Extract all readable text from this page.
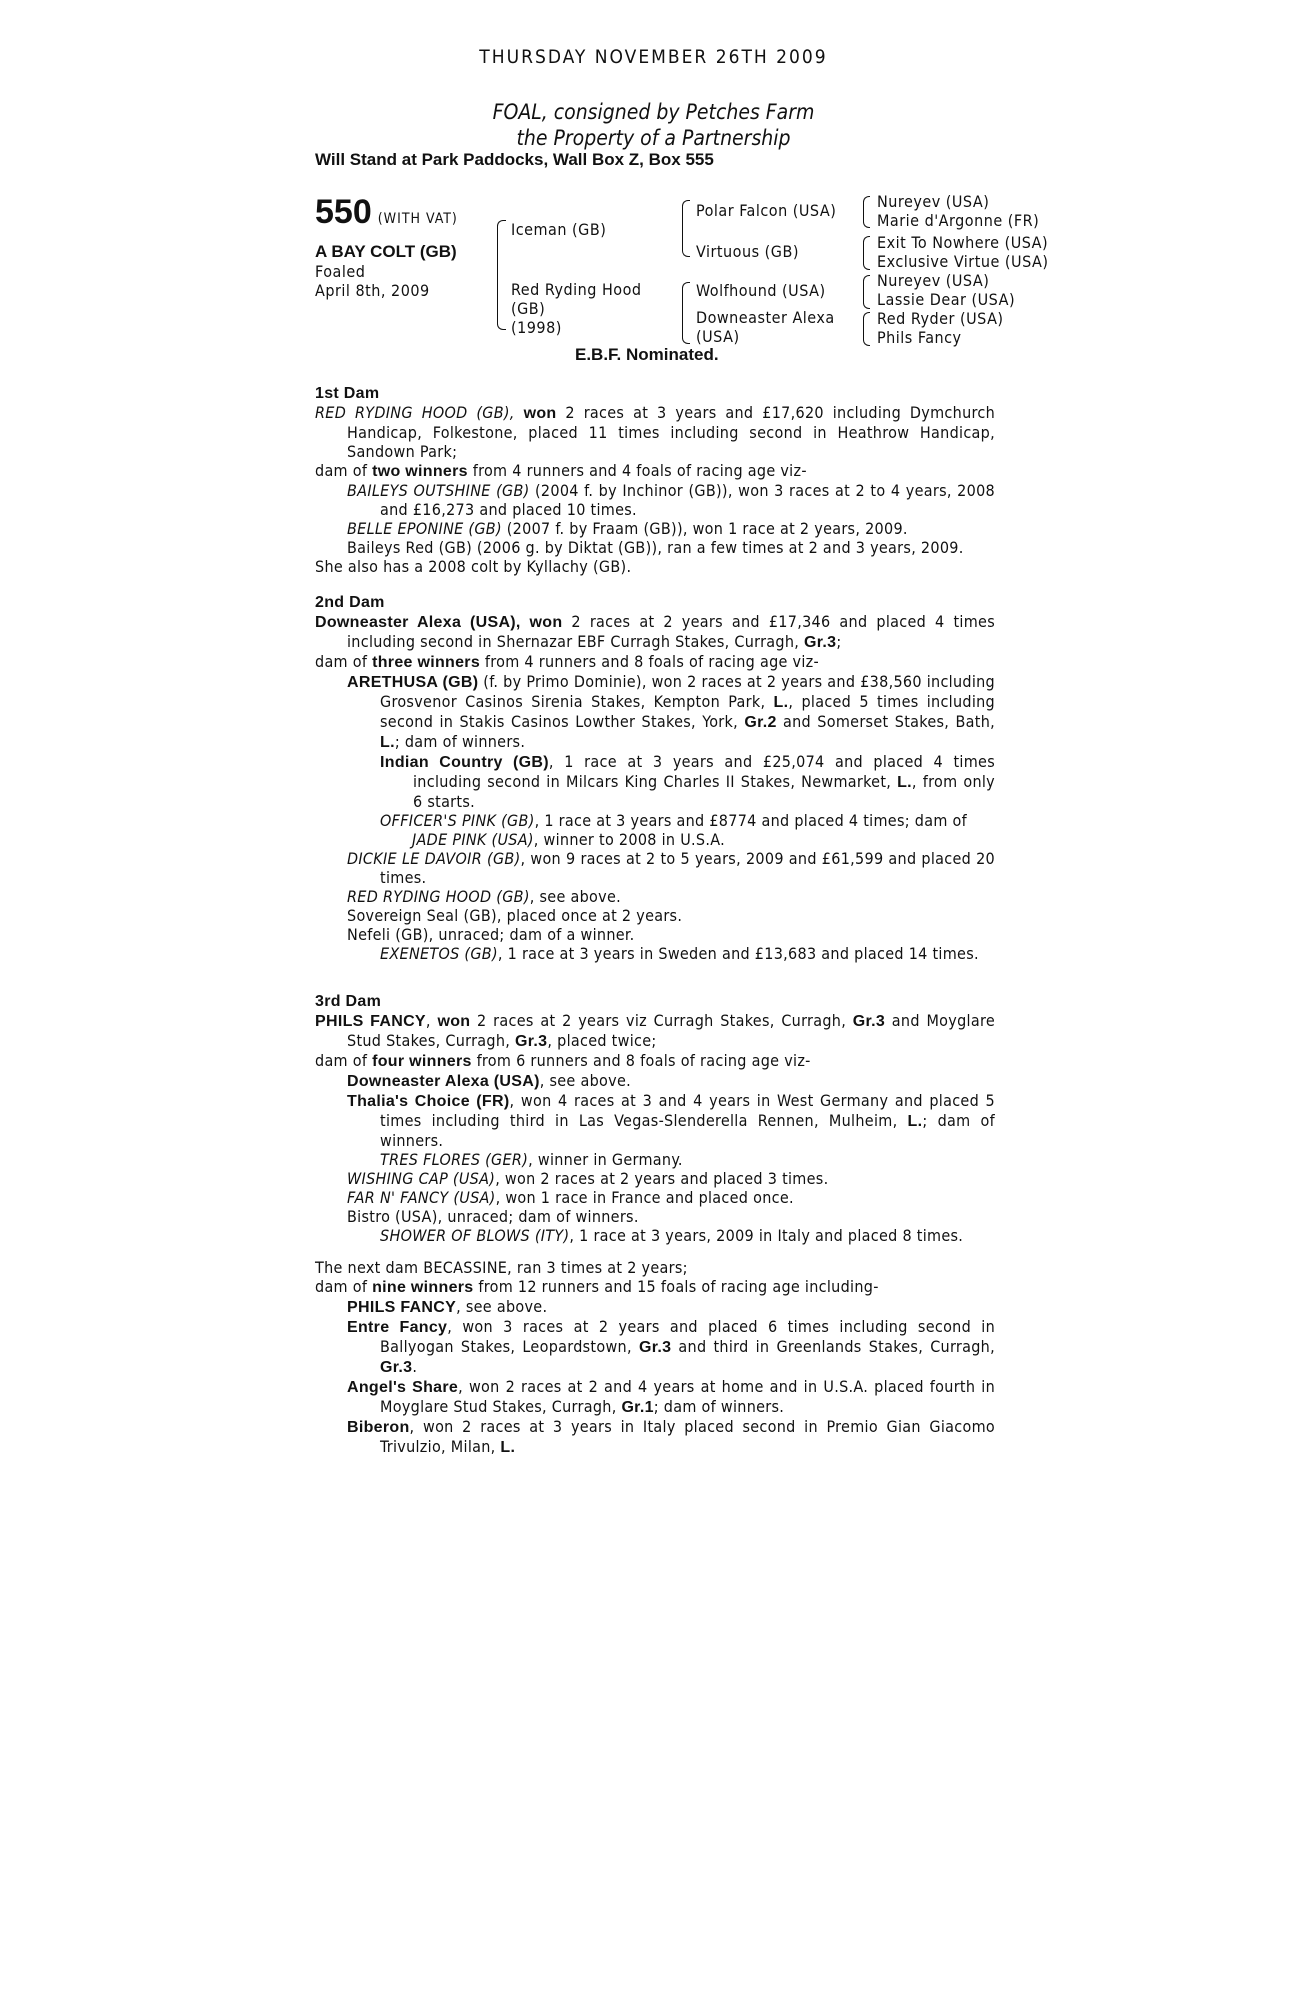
THURSDAY NOVEMBER 26TH 2009
FOAL, consigned by Petches Farm
the Property of a Partnership
Will Stand at Park Paddocks, Wall Box Z, Box 555
550 (WITH VAT)
A BAY COLT (GB)
Foaled
April 8th, 2009
Iceman (GB)
Red Ryding Hood
(GB)
(1998)
Polar Falcon (USA)
Virtuous (GB)
Wolfhound (USA)
Downeaster Alexa
(USA)
Nureyev (USA)
Marie d'Argonne (FR)
Exit To Nowhere (USA)
Exclusive Virtue (USA)
Nureyev (USA)
Lassie Dear (USA)
Red Ryder (USA)
Phils Fancy
E.B.F. Nominated.

1st Dam

RED RYDING HOOD (GB), won 2 races at 3 years and £17,620 including Dymchurch Handicap, Folkestone, placed 11 times including second in Heathrow Handicap, Sandown Park;

dam of two winners from 4 runners and 4 foals of racing age viz-

BAILEYS OUTSHINE (GB) (2004 f. by Inchinor (GB)), won 3 races at 2 to 4 years, 2008 and £16,273 and placed 10 times.

BELLE EPONINE (GB) (2007 f. by Fraam (GB)), won 1 race at 2 years, 2009.

Baileys Red (GB) (2006 g. by Diktat (GB)), ran a few times at 2 and 3 years, 2009.

She also has a 2008 colt by Kyllachy (GB).

2nd Dam

Downeaster Alexa (USA), won 2 races at 2 years and £17,346 and placed 4 times including second in Shernazar EBF Curragh Stakes, Curragh, Gr.3;

dam of three winners from 4 runners and 8 foals of racing age viz-

ARETHUSA (GB) (f. by Primo Dominie), won 2 races at 2 years and £38,560 including Grosvenor Casinos Sirenia Stakes, Kempton Park, L., placed 5 times including second in Stakis Casinos Lowther Stakes, York, Gr.2 and Somerset Stakes, Bath, L.; dam of winners.

Indian Country (GB), 1 race at 3 years and £25,074 and placed 4 times including second in Milcars King Charles II Stakes, Newmarket, L., from only 6 starts.

OFFICER'S PINK (GB), 1 race at 3 years and £8774 and placed 4 times; dam of

JADE PINK (USA), winner to 2008 in U.S.A.

DICKIE LE DAVOIR (GB), won 9 races at 2 to 5 years, 2009 and £61,599 and placed 20 times.

RED RYDING HOOD (GB), see above.

Sovereign Seal (GB), placed once at 2 years.

Nefeli (GB), unraced; dam of a winner.

EXENETOS (GB), 1 race at 3 years in Sweden and £13,683 and placed 14 times.

3rd Dam

PHILS FANCY, won 2 races at 2 years viz Curragh Stakes, Curragh, Gr.3 and Moyglare Stud Stakes, Curragh, Gr.3, placed twice;

dam of four winners from 6 runners and 8 foals of racing age viz-

Downeaster Alexa (USA), see above.

Thalia's Choice (FR), won 4 races at 3 and 4 years in West Germany and placed 5 times including third in Las Vegas-Slenderella Rennen, Mulheim, L.; dam of winners.

TRES FLORES (GER), winner in Germany.

WISHING CAP (USA), won 2 races at 2 years and placed 3 times.

FAR N' FANCY (USA), won 1 race in France and placed once.

Bistro (USA), unraced; dam of winners.

SHOWER OF BLOWS (ITY), 1 race at 3 years, 2009 in Italy and placed 8 times.

The next dam BECASSINE, ran 3 times at 2 years;

dam of nine winners from 12 runners and 15 foals of racing age including-

PHILS FANCY, see above.

Entre Fancy, won 3 races at 2 years and placed 6 times including second in Ballyogan Stakes, Leopardstown, Gr.3 and third in Greenlands Stakes, Curragh, Gr.3.

Angel's Share, won 2 races at 2 and 4 years at home and in U.S.A. placed fourth in Moyglare Stud Stakes, Curragh, Gr.1; dam of winners.

Biberon, won 2 races at 3 years in Italy placed second in Premio Gian Giacomo Trivulzio, Milan, L.
